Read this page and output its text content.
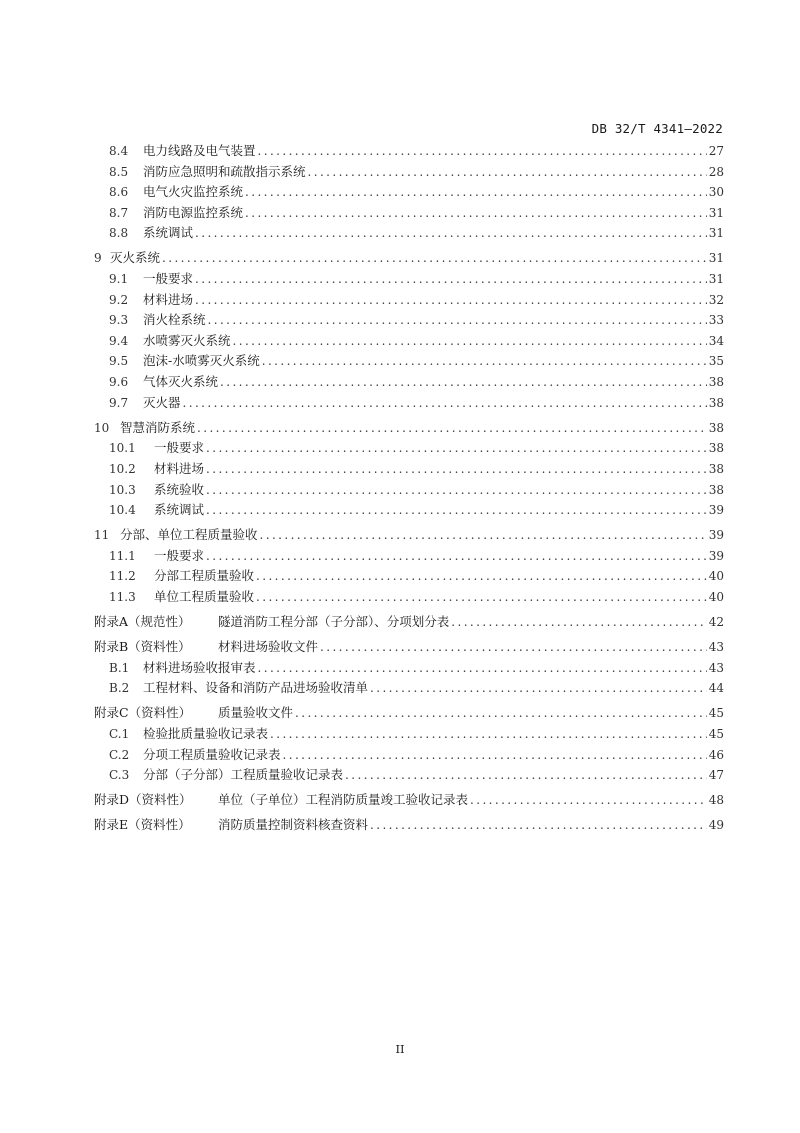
DB 32/T 4341—2022
8.4	电力线路及电气装置 .....	27
8.5	消防应急照明和疏散指示系统 .....	28
8.6	电气火灾监控系统 .....	30
8.7	消防电源监控系统 .....	31
8.8	系统调试 .....	31
9 灭火系统 .....	31
9.1	一般要求 .....	31
9.2	材料进场 .....	32
9.3	消火栓系统 .....	33
9.4	水喷雾灭火系统 .....	34
9.5	泡沫-水喷雾灭火系统 .....	35
9.6	气体灭火系统 .....	38
9.7	灭火器 .....	38
10 智慧消防系统 .....	38
10.1	一般要求 .....	38
10.2	材料进场 .....	38
10.3	系统验收 .....	38
10.4	系统调试 .....	39
11 分部、单位工程质量验收 .....	39
11.1	一般要求 .....	39
11.2	分部工程质量验收 .....	40
11.3	单位工程质量验收 .....	40
附录A（规范性）	隧道消防工程分部（子分部）、分项划分表 .....	42
附录B（资料性）	材料进场验收文件 .....	43
B.1	材料进场验收报审表 .....	43
B.2	工程材料、设备和消防产品进场验收清单 .....	44
附录C（资料性）	质量验收文件 .....	45
C.1	检验批质量验收记录表 .....	45
C.2	分项工程质量验收记录表 .....	46
C.3	分部（子分部）工程质量验收记录表 .....	47
附录D（资料性）	单位（子单位）工程消防质量竣工验收记录表 .....	48
附录E（资料性）	消防质量控制资料核查资料 .....	49
II
